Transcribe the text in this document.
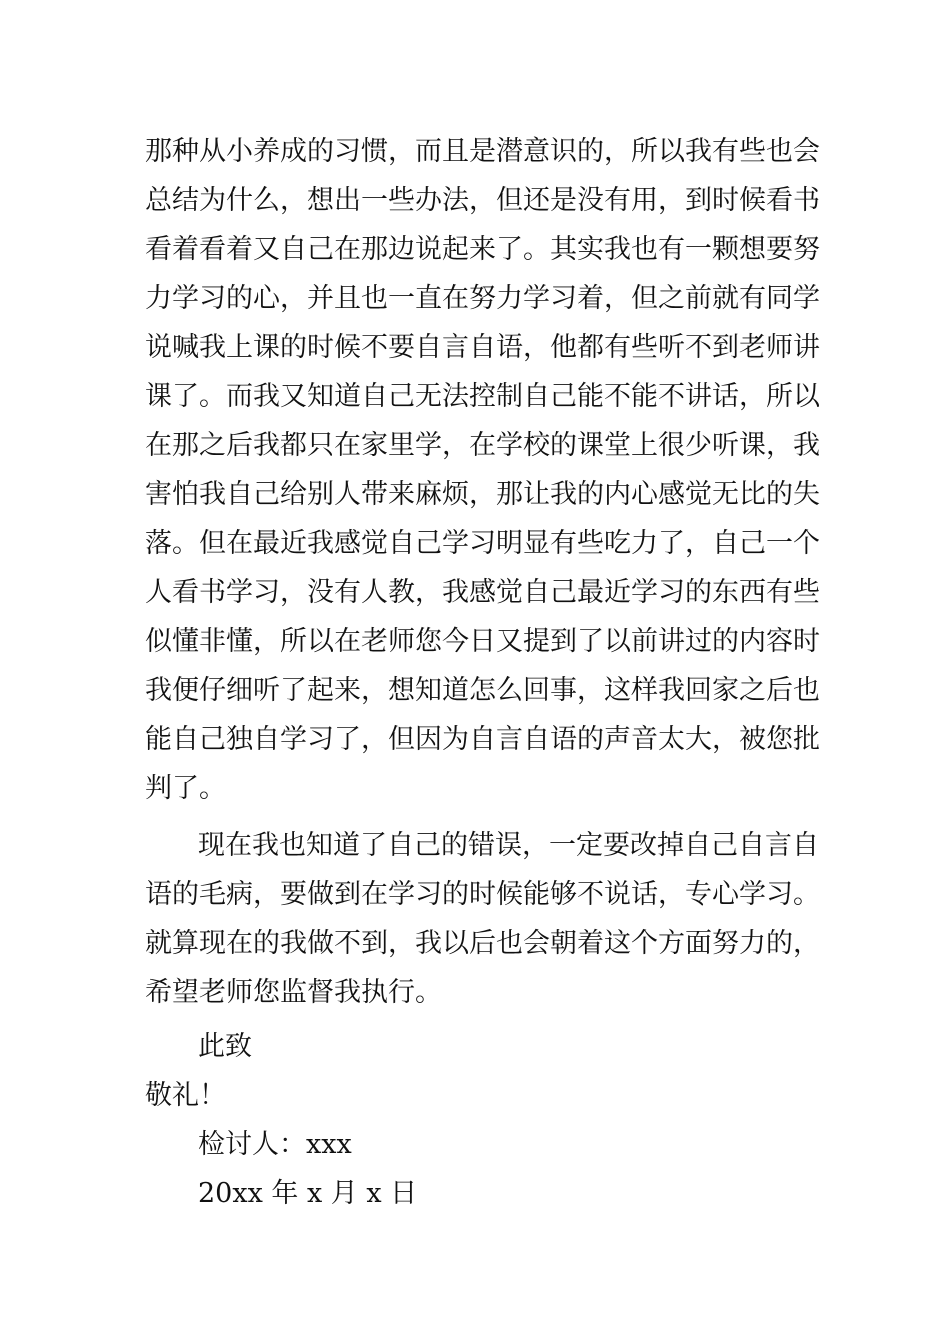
那种从小养成的习惯，而且是潜意识的，所以我有些也会
总结为什么，想出一些办法，但还是没有用，到时候看书
看着看着又自己在那边说起来了。其实我也有一颗想要努
力学习的心，并且也一直在努力学习着，但之前就有同学
说喊我上课的时候不要自言自语，他都有些听不到老师讲
课了。而我又知道自己无法控制自己能不能不讲话，所以
在那之后我都只在家里学，在学校的课堂上很少听课，我
害怕我自己给别人带来麻烦，那让我的内心感觉无比的失
落。但在最近我感觉自己学习明显有些吃力了，自己一个
人看书学习，没有人教，我感觉自己最近学习的东西有些
似懂非懂，所以在老师您今日又提到了以前讲过的内容时
我便仔细听了起来，想知道怎么回事，这样我回家之后也
能自己独自学习了，但因为自言自语的声音太大，被您批
判了。
现在我也知道了自己的错误，一定要改掉自己自言自
语的毛病，要做到在学习的时候能够不说话，专心学习。
就算现在的我做不到，我以后也会朝着这个方面努力的，
希望老师您监督我执行。
此致
敬礼！
检讨人：xxx
20xx 年 x 月 x 日
